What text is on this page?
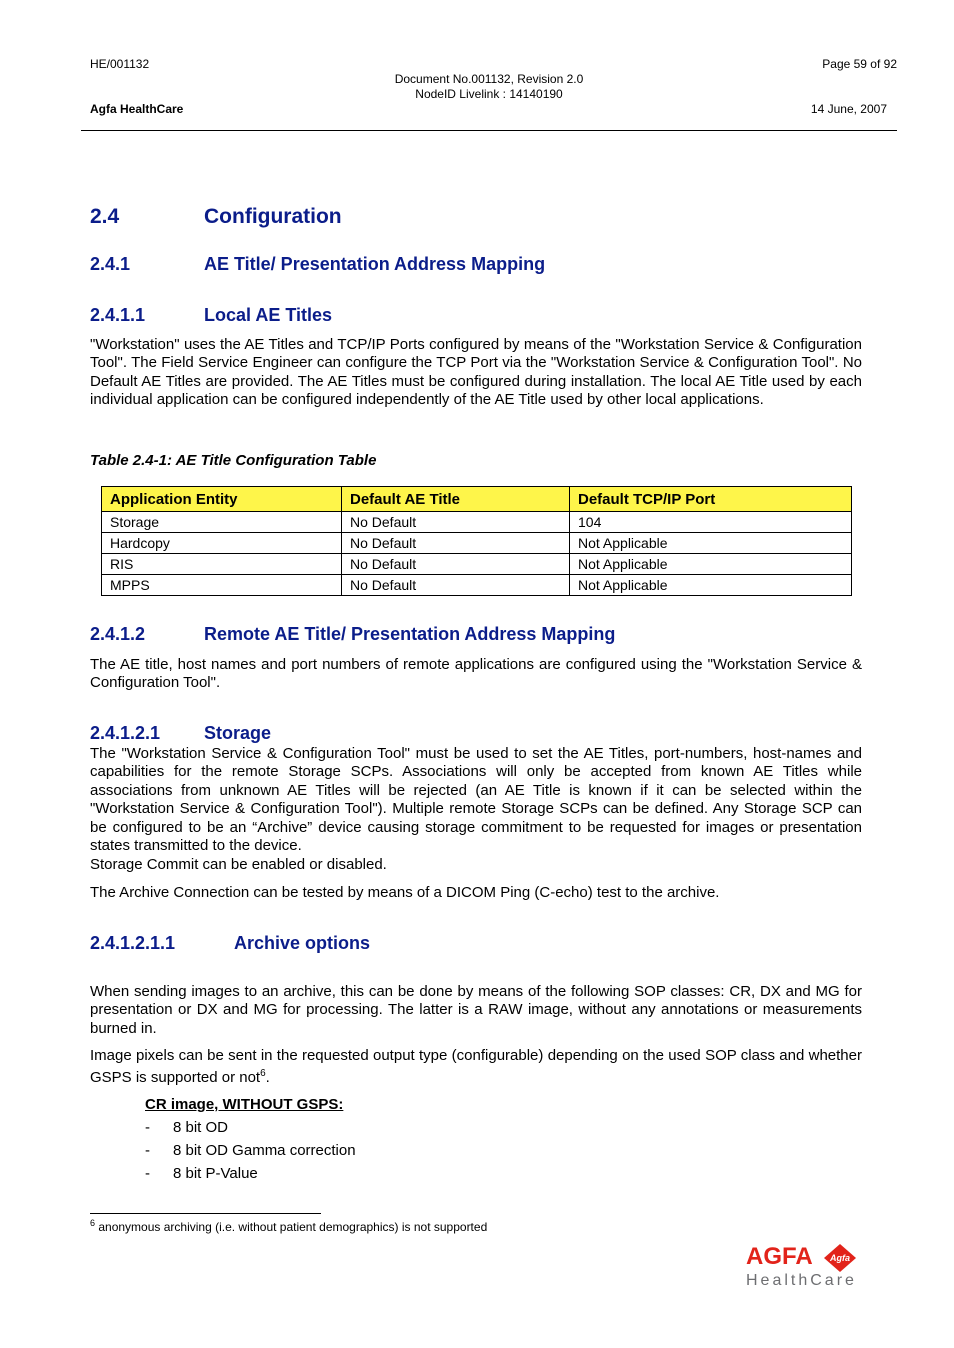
HE/001132	Page 59 of 92
Document No.001132, Revision 2.0
NodeID Livelink : 14140190
Agfa HealthCare	14 June, 2007
2.4	Configuration
2.4.1	AE Title/ Presentation Address Mapping
2.4.1.1	Local AE Titles
"Workstation" uses the AE Titles and TCP/IP Ports configured by means of the "Workstation Service & Configuration Tool". The Field Service Engineer can configure the TCP Port via the "Workstation Service & Configuration Tool". No Default AE Titles are provided. The AE Titles must be configured during installation. The local AE Title used by each individual application can be configured independently of the AE Title used by other local applications.
Table 2.4-1: AE Title Configuration Table
Application Entity	Default AE Title	Default TCP/IP Port
Storage	No Default	104
Hardcopy	No Default	Not Applicable
RIS	No Default	Not Applicable
MPPS	No Default	Not Applicable
2.4.1.2	Remote AE Title/ Presentation Address Mapping
The AE title, host names and port numbers of remote applications are configured using the "Workstation Service & Configuration Tool".
2.4.1.2.1 Storage
The "Workstation Service & Configuration Tool" must be used to set the AE Titles, port-numbers, host-names and capabilities for the remote Storage SCPs. Associations will only be accepted from known AE Titles while associations from unknown AE Titles will be rejected (an AE Title is known if it can be selected within the "Workstation Service & Configuration Tool"). Multiple remote Storage SCPs can be defined. Any Storage SCP can be configured to be an “Archive” device causing storage commitment to be requested for images or presentation states transmitted to the device.
Storage Commit can be enabled or disabled.
The Archive Connection can be tested by means of a DICOM Ping (C-echo) test to the archive.
2.4.1.2.1.1	Archive options
When sending images to an archive, this can be done by means of the following SOP classes: CR, DX and MG for presentation or DX and MG for processing. The latter is a RAW image, without any annotations or measurements burned in.
Image pixels can be sent in the requested output type (configurable) depending on the used SOP class and whether GSPS is supported or not$^6$.
CR image, WITHOUT GSPS:
- 8 bit OD
- 8 bit OD Gamma correction
- 8 bit P-Value
$^6$ anonymous archiving (i.e. without patient demographics) is not supported
AGFA Agfa
HealthCare
